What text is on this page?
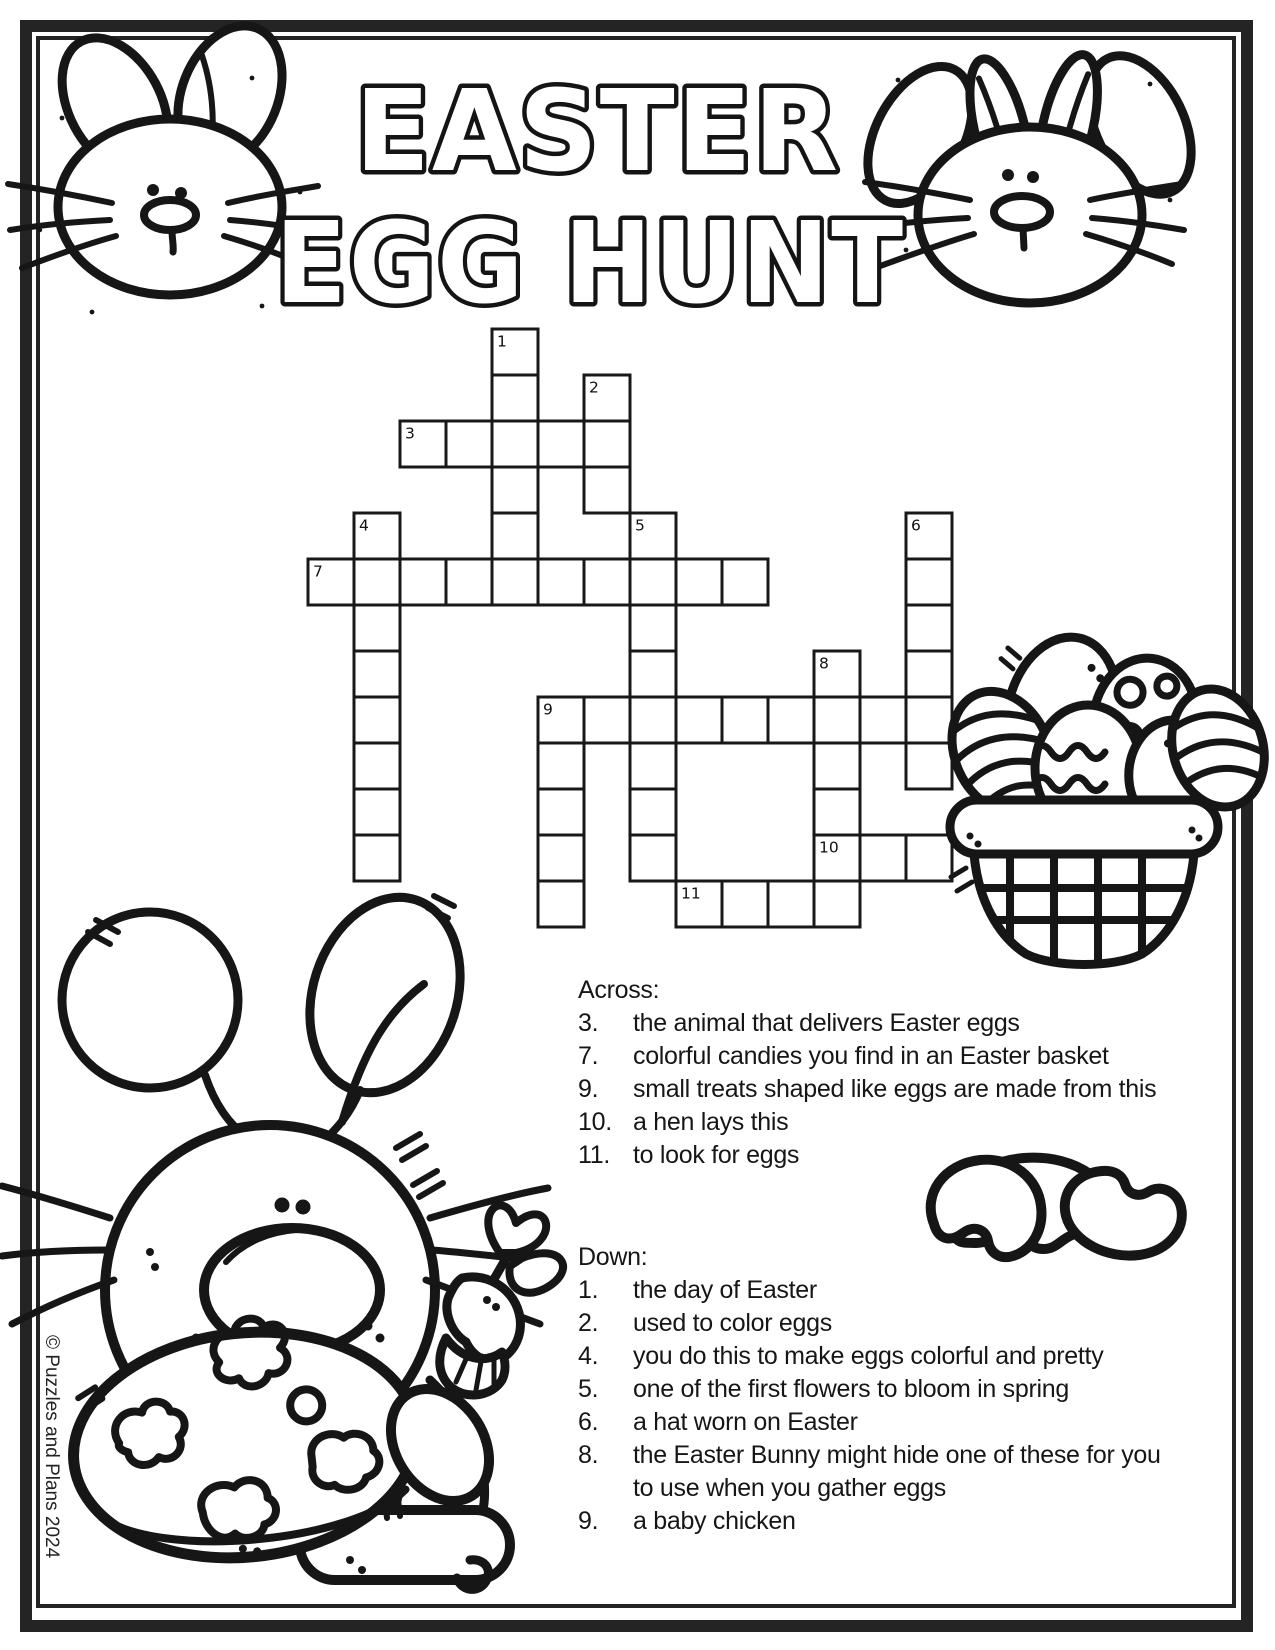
EASTER
EGG HUNT
1
2
3
4	5	6
7
8
10
9
11
Across:
3.	the animal that delivers Easter eggs
7.	colorful candies you find in an Easter basket
9.	small treats shaped like eggs are made from this
10. a hen lays this
11. to look for eggs
Down:
1.	the day of Easter
2.	used to color eggs
4.	you do this to make eggs colorful and pretty
5.	one of the first flowers to bloom in spring
6.	a hat worn on Easter
8.	the Easter Bunny might hide one of these for you to use when you gather eggs
9.	a baby chicken
© Puzzles and Plans 2024
